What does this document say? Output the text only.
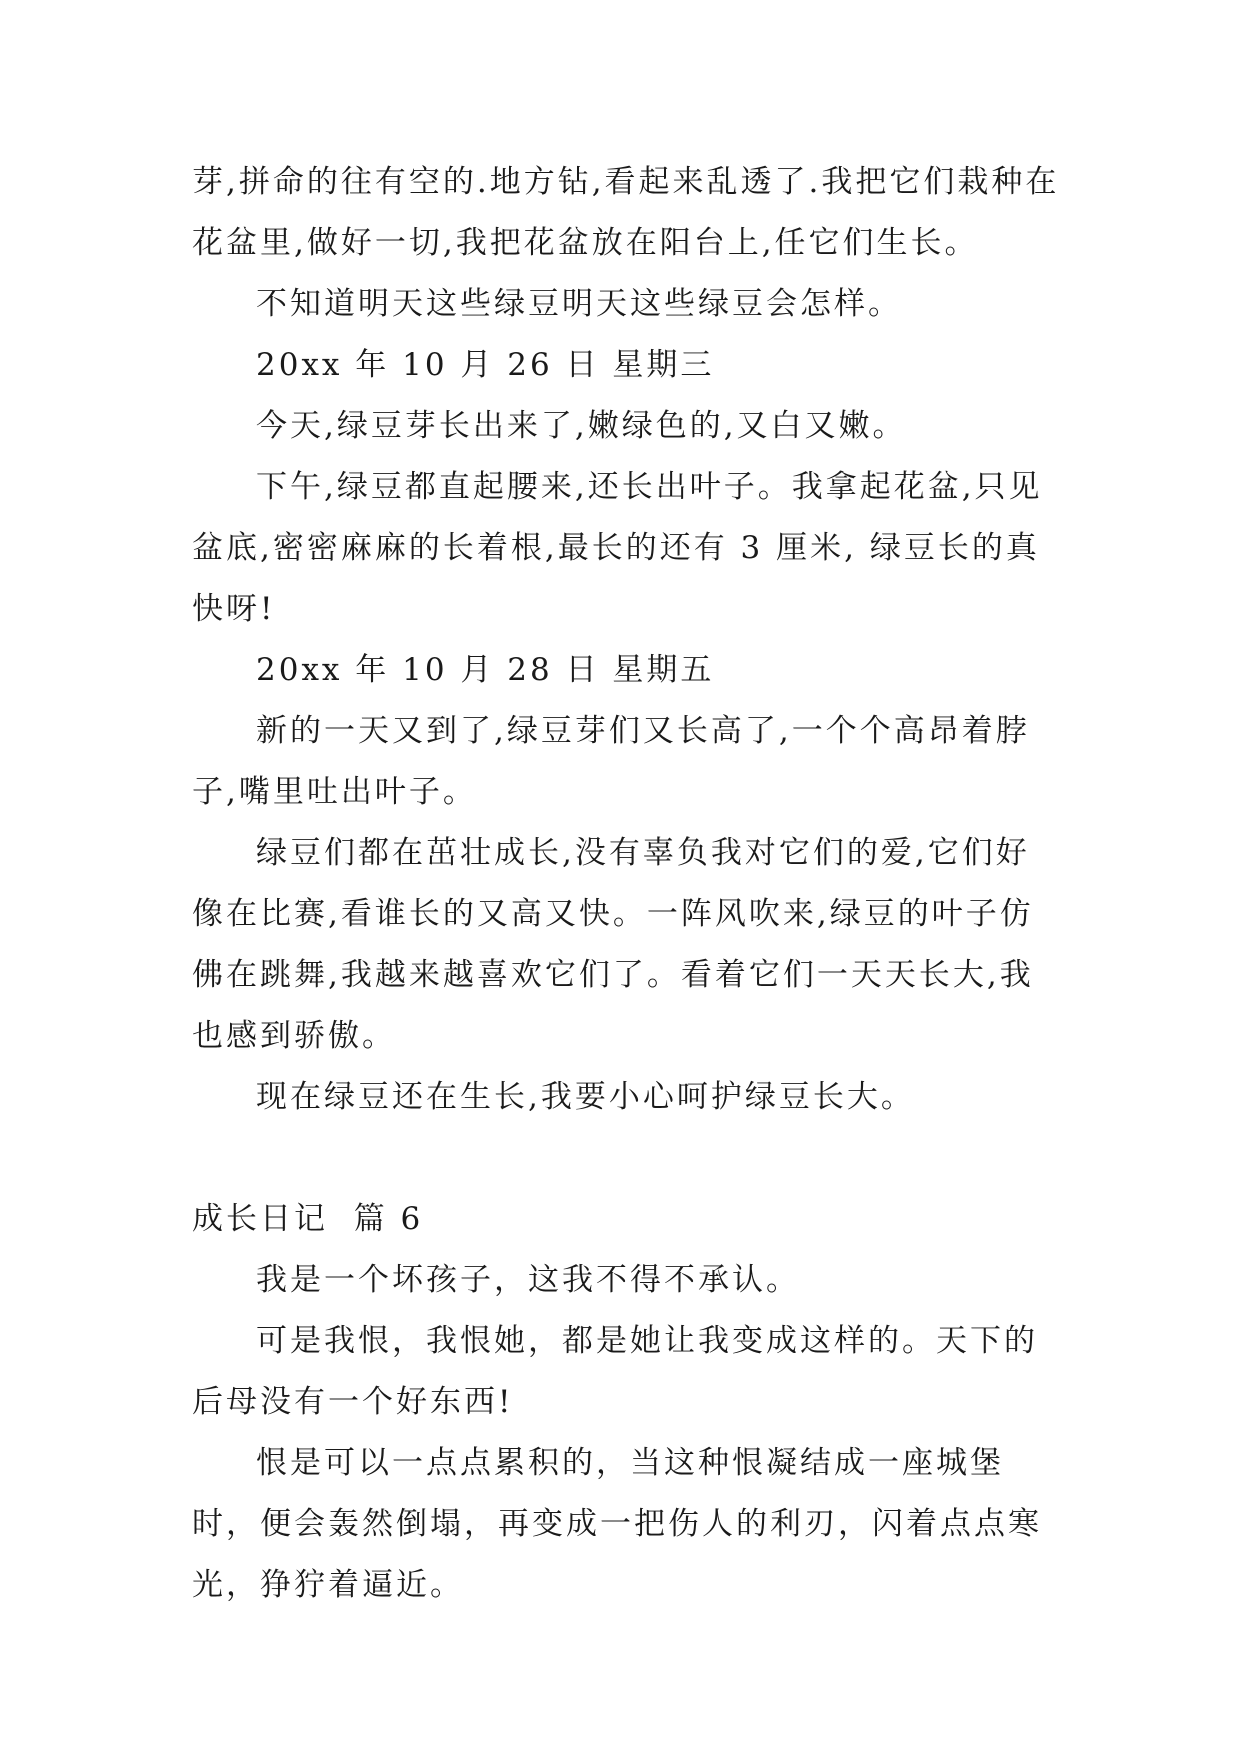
芽,拼命的往有空的.地方钻,看起来乱透了.我把它们栽种在花盆里,做好一切,我把花盆放在阳台上,任它们生长。

不知道明天这些绿豆明天这些绿豆会怎样。

20xx 年 10 月 26 日 星期三

今天,绿豆芽长出来了,嫩绿色的,又白又嫩。

下午,绿豆都直起腰来,还长出叶子。我拿起花盆,只见盆底,密密麻麻的长着根,最长的还有 3 厘米, 绿豆长的真快呀!

20xx 年 10 月 28 日 星期五

新的一天又到了,绿豆芽们又长高了,一个个高昂着脖子,嘴里吐出叶子。

绿豆们都在茁壮成长,没有辜负我对它们的爱,它们好像在比赛,看谁长的又高又快。一阵风吹来,绿豆的叶子仿佛在跳舞,我越来越喜欢它们了。看着它们一天天长大,我也感到骄傲。

现在绿豆还在生长,我要小心呵护绿豆长大。

成长日记  篇 6

我是一个坏孩子，这我不得不承认。

可是我恨，我恨她，都是她让我变成这样的。天下的后母没有一个好东西!

恨是可以一点点累积的，当这种恨凝结成一座城堡时，便会轰然倒塌，再变成一把伤人的利刃，闪着点点寒光，狰狞着逼近。
